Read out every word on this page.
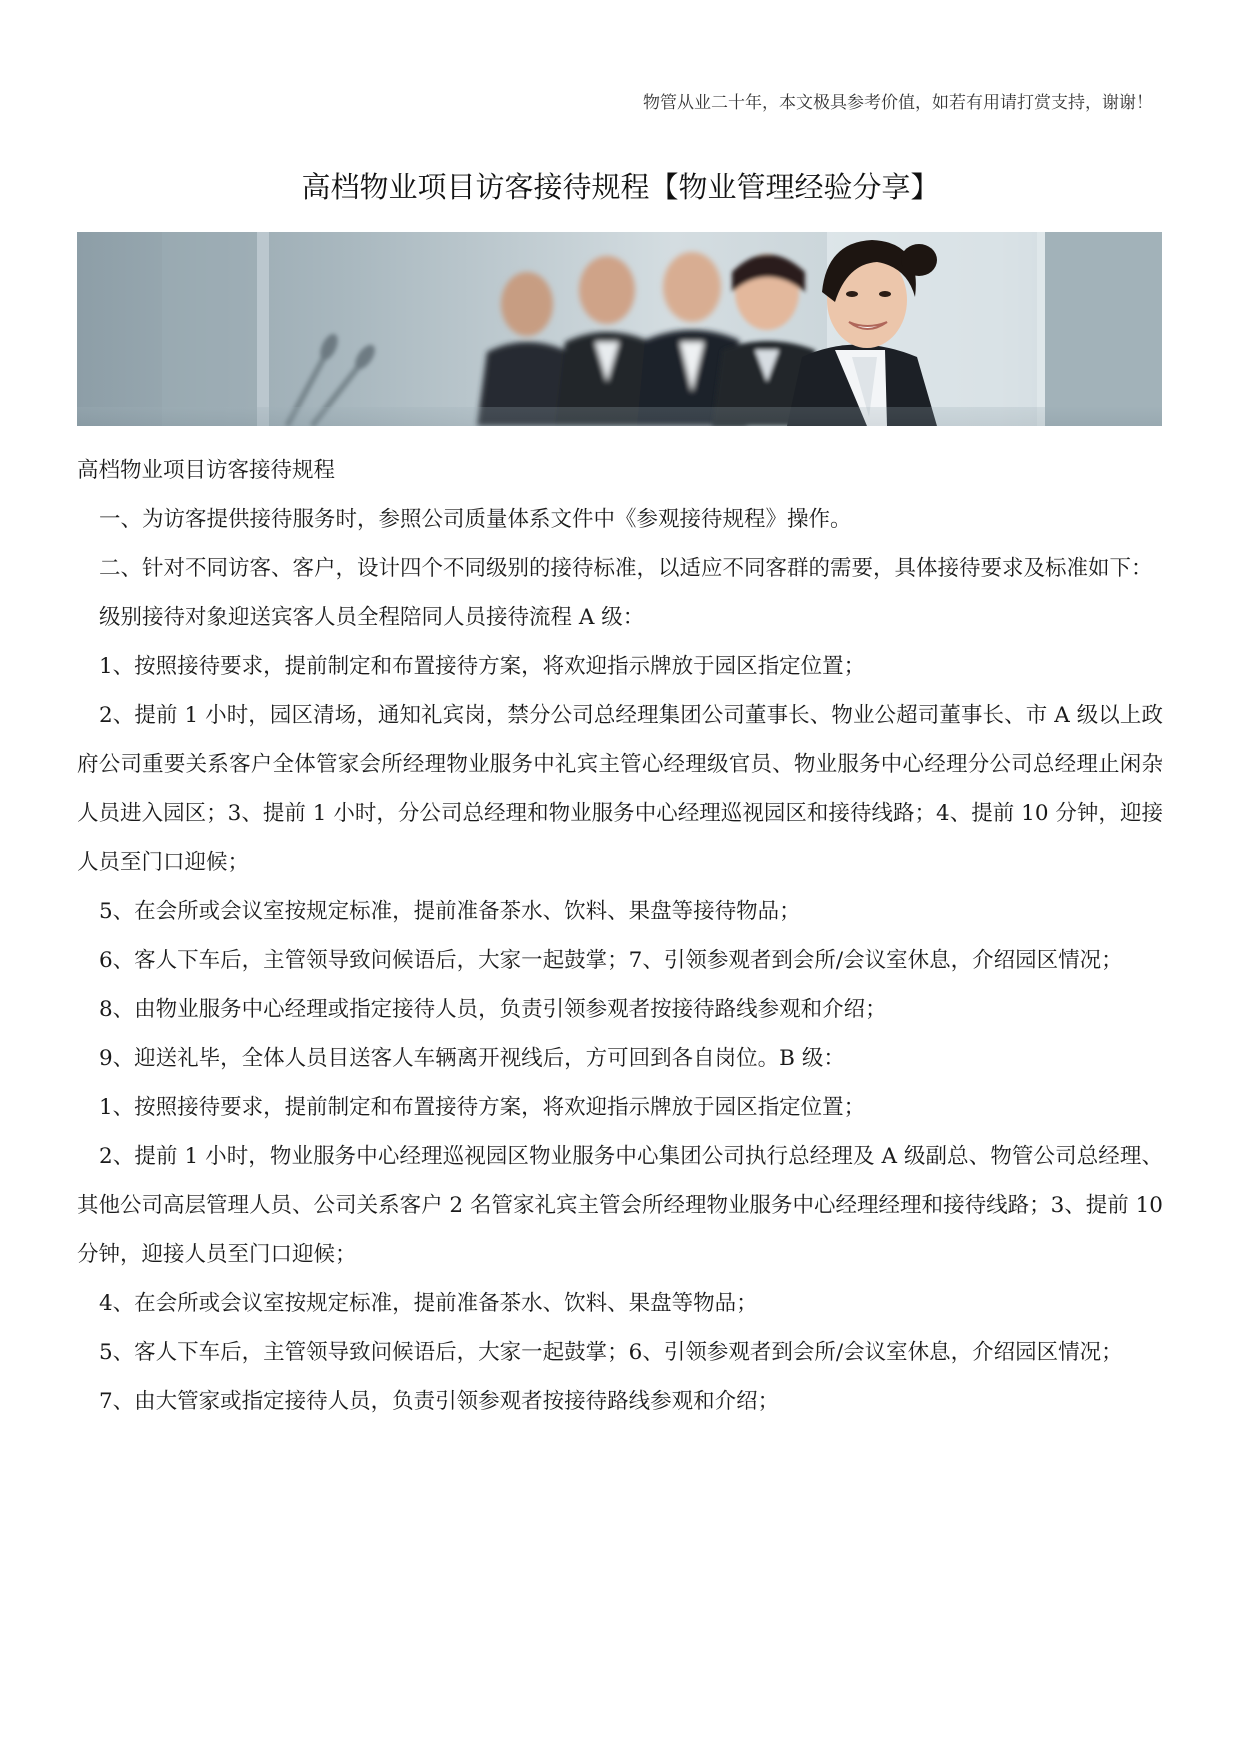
物管从业二十年，本文极具参考价值，如若有用请打赏支持，谢谢！
高档物业项目访客接待规程【物业管理经验分享】

高档物业项目访客接待规程

一、为访客提供接待服务时，参照公司质量体系文件中《参观接待规程》操作。

二、针对不同访客、客户，设计四个不同级别的接待标准，以适应不同客群的需要，具体接待要求及标准如下：

级别接待对象迎送宾客人员全程陪同人员接待流程 A 级：

1、按照接待要求，提前制定和布置接待方案，将欢迎指示牌放于园区指定位置；

2、提前 1 小时，园区清场，通知礼宾岗，禁分公司总经理集团公司董事长、物业公超司董事长、市 A 级以上政府公司重要关系客户全体管家会所经理物业服务中礼宾主管心经理级官员、物业服务中心经理分公司总经理止闲杂人员进入园区；3、提前 1 小时，分公司总经理和物业服务中心经理巡视园区和接待线路；4、提前 10 分钟，迎接人员至门口迎候；

5、在会所或会议室按规定标准，提前准备茶水、饮料、果盘等接待物品；

6、客人下车后，主管领导致问候语后，大家一起鼓掌；7、引领参观者到会所/会议室休息，介绍园区情况；

8、由物业服务中心经理或指定接待人员，负责引领参观者按接待路线参观和介绍；

9、迎送礼毕，全体人员目送客人车辆离开视线后，方可回到各自岗位。B 级：

1、按照接待要求，提前制定和布置接待方案，将欢迎指示牌放于园区指定位置；

2、提前 1 小时，物业服务中心经理巡视园区物业服务中心集团公司执行总经理及 A 级副总、物管公司总经理、其他公司高层管理人员、公司关系客户 2 名管家礼宾主管会所经理物业服务中心经理经理和接待线路；3、提前 10 分钟，迎接人员至门口迎候；

4、在会所或会议室按规定标准，提前准备茶水、饮料、果盘等物品；

5、客人下车后，主管领导致问候语后，大家一起鼓掌；6、引领参观者到会所/会议室休息，介绍园区情况；

7、由大管家或指定接待人员，负责引领参观者按接待路线参观和介绍；
